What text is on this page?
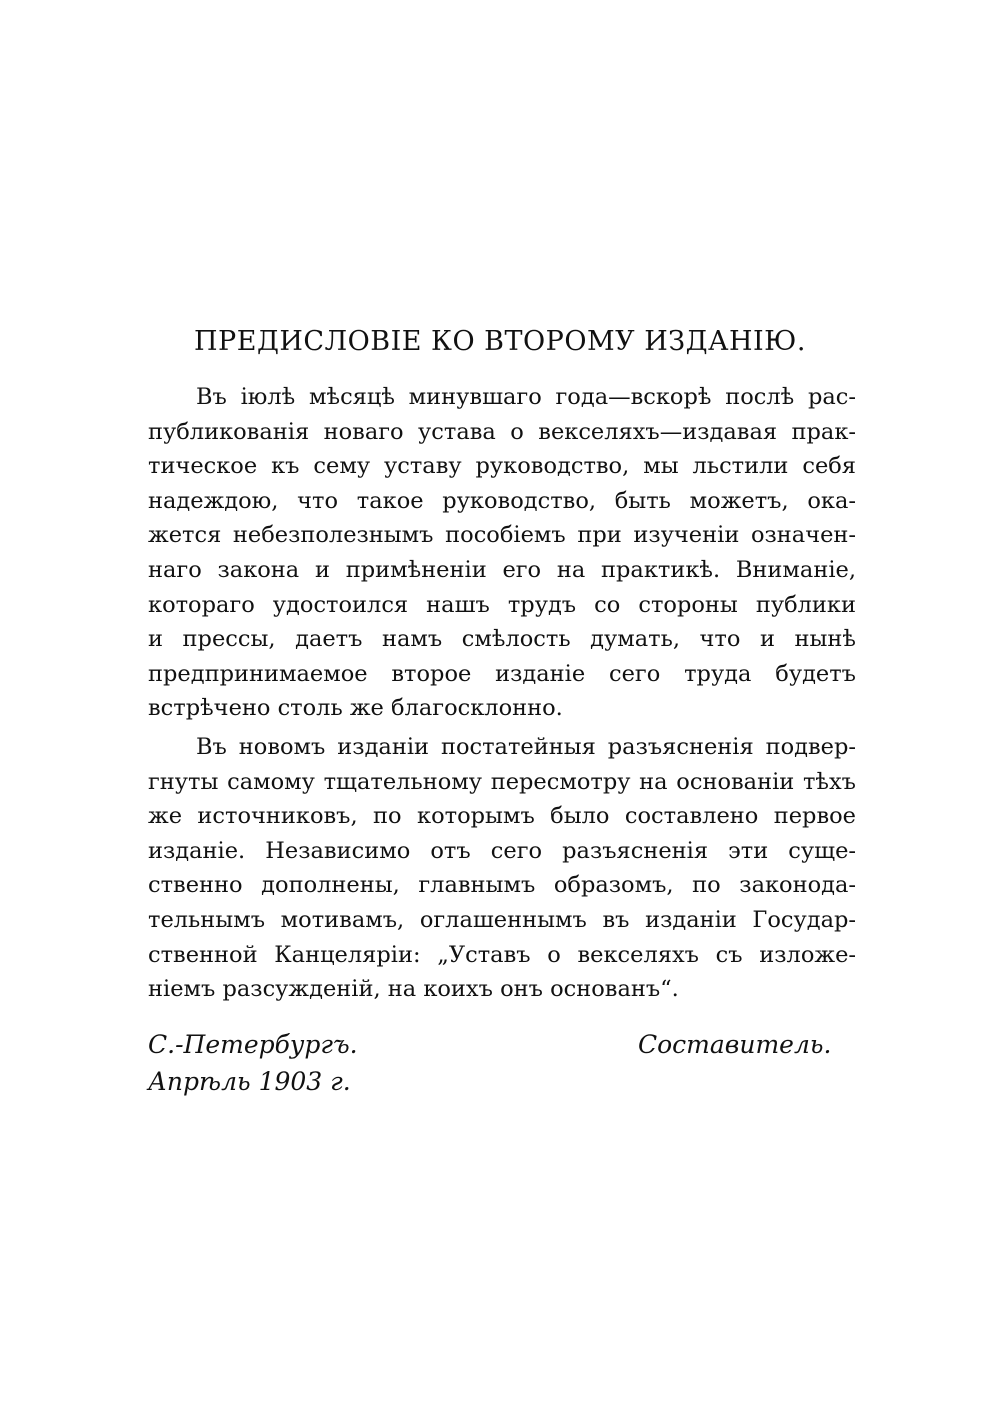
ПРЕДИСЛОВІЕ КО ВТОРОМУ ИЗДАНІЮ.
Въ іюлѣ мѣсяцѣ минувшаго года—вскорѣ послѣ рас-
публикованія новаго устава о векселяхъ—издавая прак-
тическое къ сему уставу руководство, мы льстили себя
надеждою, что такое руководство, быть можетъ, ока-
жется небезполезнымъ пособіемъ при изученіи означен-
наго закона и примѣненіи его на практикѣ. Вниманіе,
котораго удостоился нашъ трудъ со стороны публики
и прессы, даетъ намъ смѣлость думать, что и нынѣ
предпринимаемое второе изданіе сего труда будетъ
встрѣчено столь же благосклонно.
Въ новомъ изданіи постатейныя разъясненія подвер-
гнуты самому тщательному пересмотру на основаніи тѣхъ
же источниковъ, по которымъ было составлено первое
изданіе. Независимо отъ сего разъясненія эти суще-
ственно дополнены, главнымъ образомъ, по законода-
тельнымъ мотивамъ, оглашеннымъ въ изданіи Государ-
ственной Канцеляріи: „Уставъ о векселяхъ съ изложе-
ніемъ разсужденій, на коихъ онъ основанъ“.
С.-Петербургъ.
Апрѣль 1903 г.
Составитель.
